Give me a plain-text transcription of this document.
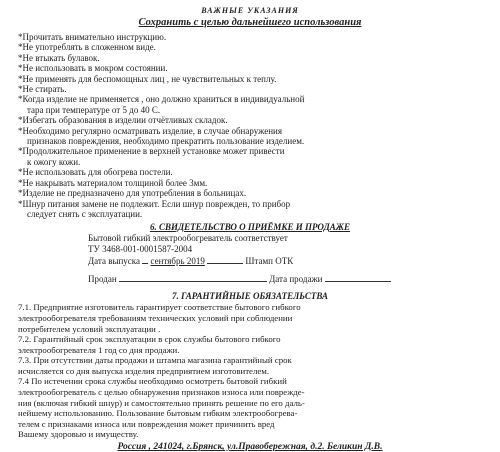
ВАЖНЫЕ УКАЗАНИЯ
Сохранить с целью дальнейшего использования

*Прочитать внимательно инструкцию.

*Не употреблять в сложенном виде.

*Не втыкать булавок.

*Не использовать в мокром состоянии.

*Не применять для беспомощных лиц , не чувствительных к теплу.

*Не стирать.

*Когда изделие не применяется , оно должно храниться в индивидуальной

тара при температуре от 5 до 40 С.

*Избегать образования в изделии отчётливых складок.

*Необходимо регулярно осматривать изделие, в случае обнаружения

признаков повреждения, необходимо прекратить пользование изделием.

*Продолжительное применение в верхней установке может привести

к ожогу кожи.

*Не использовать для обогрева постели.

*Не накрывать материалом толщиной более 3мм.

*Изделие не предназначено для употребления в больницах.

*Шнур питания замене не подлежит. Если шнур поврежден, то прибор

следует снять с эксплуатации.

6. СВИДЕТЕЛЬСТВО О ПРИЁМКЕ И ПРОДАЖЕ
Бытовой гибкий электрообогреватель соответствует
ТУ 3468-001-0001587-2004
Дата выпуска сентябрь 2019	Штамп ОТК
Продан	Дата продажи
7. ГАРАНТИЙНЫЕ ОБЯЗАТЕЛЬСТВА
7.1. Предприятие изготовитель гарантирует соответствие бытового гибкого
электрообогревателя требованиям технических условий при соблюдении
потребителем условий эксплуатации .
7.2. Гарантийный срок эксплуатации в срок службы бытового гибкого
электрообогревателя 1 год со дня продажи.
7.3. При отсутствии даты продажи и штампа магазина гарантийный срок
исчисляется со дня выпуска изделия предприятием изготовителем.
7.4 По истечении срока службы необходимо осмотреть бытовой гибкий
электрообогреватель с целью обнаружения признаков износа или поврежде-
ния (включая гибкий шнур) и самостоятельно принять решение по его даль-
нейшему использованию. Пользование бытовым гибким электрообогрева-
телем с признаками износа или повреждения может причинить вред
Вашему здоровью и имуществу.
Россия , 241024, г.Брянск, ул.Правобережная, д.2. Беликин Д.В.
